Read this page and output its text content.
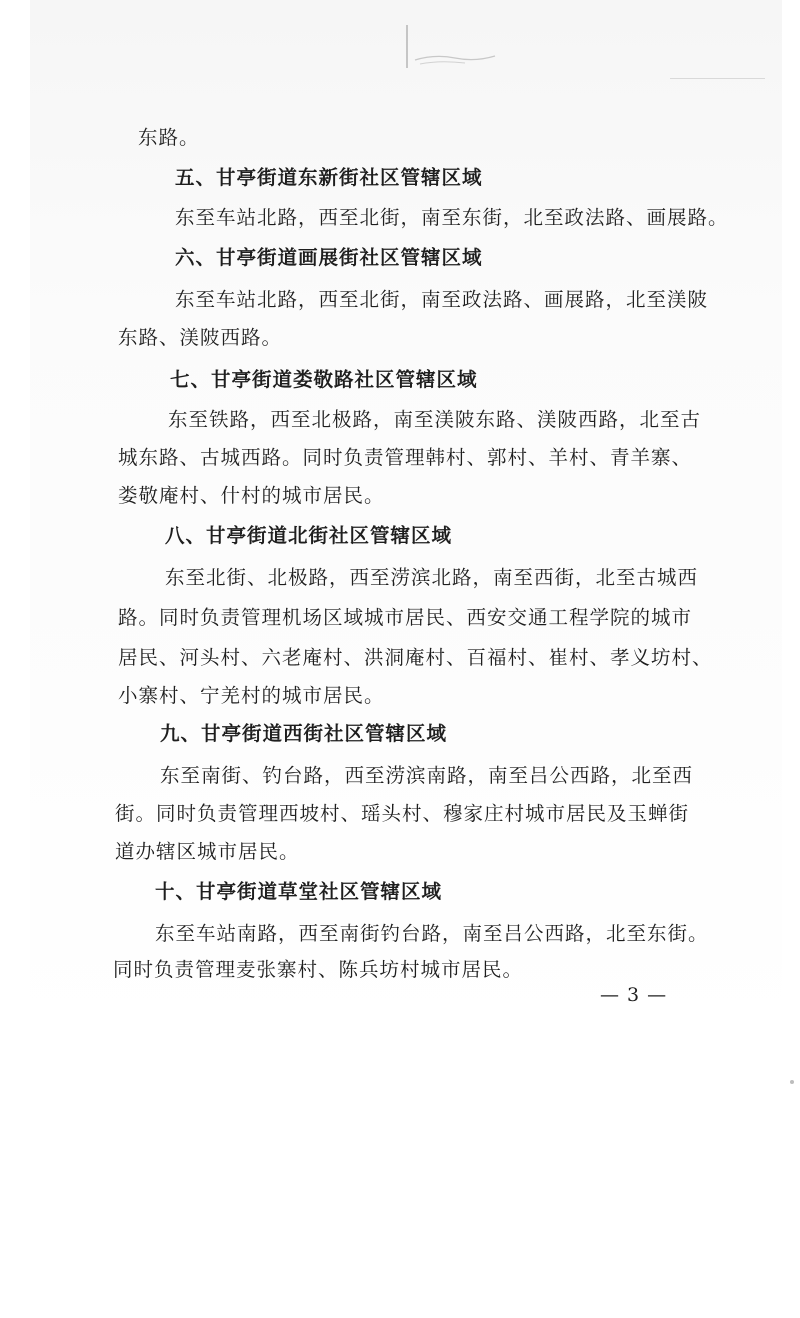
东路。
五、甘亭街道东新街社区管辖区域
东至车站北路，西至北街，南至东街，北至政法路、画展路。
六、甘亭街道画展街社区管辖区域
东至车站北路，西至北街，南至政法路、画展路，北至渼陂
东路、渼陂西路。
七、甘亭街道娄敬路社区管辖区域
东至铁路，西至北极路，南至渼陂东路、渼陂西路，北至古
城东路、古城西路。同时负责管理韩村、郭村、羊村、青羊寨、
娄敬庵村、什村的城市居民。
八、甘亭街道北街社区管辖区域
东至北街、北极路，西至涝滨北路，南至西街，北至古城西
路。同时负责管理机场区域城市居民、西安交通工程学院的城市
居民、河头村、六老庵村、洪洞庵村、百福村、崔村、孝义坊村、
小寨村、宁羌村的城市居民。
九、甘亭街道西街社区管辖区域
东至南街、钓台路，西至涝滨南路，南至吕公西路，北至西
街。同时负责管理西坡村、瑶头村、穆家庄村城市居民及玉蝉街
道办辖区城市居民。
十、甘亭街道草堂社区管辖区域
东至车站南路，西至南街钓台路，南至吕公西路，北至东街。
同时负责管理麦张寨村、陈兵坊村城市居民。
— 3 —
